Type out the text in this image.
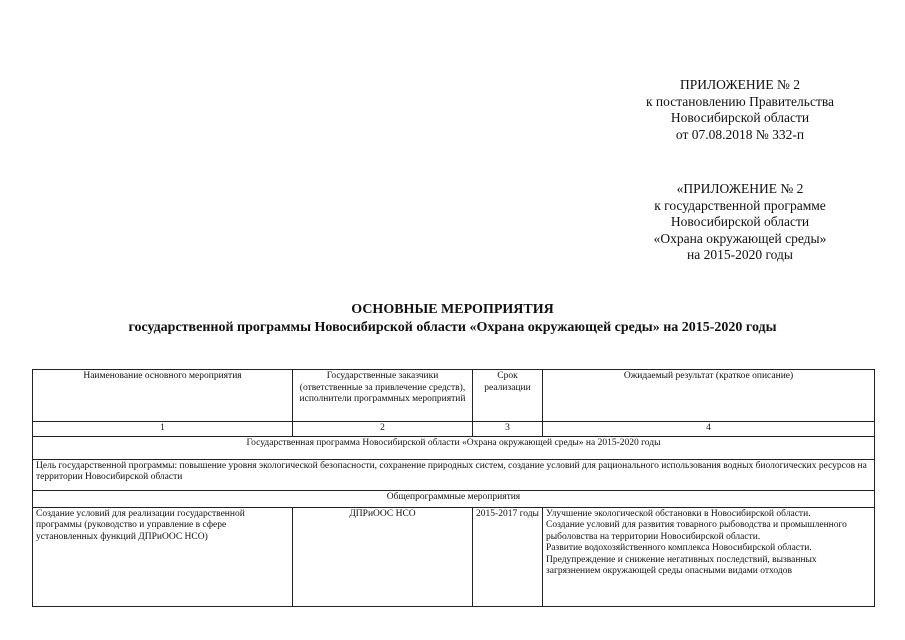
ПРИЛОЖЕНИЕ № 2
к постановлению Правительства
Новосибирской области
от 07.08.2018 № 332-п
«ПРИЛОЖЕНИЕ № 2
к государственной программе
Новосибирской области
«Охрана окружающей среды»
на 2015-2020 годы
ОСНОВНЫЕ МЕРОПРИЯТИЯ
государственной программы Новосибирской области «Охрана окружающей среды» на 2015-2020 годы
Наименование основного мероприятия	Государственные заказчики (ответственные за привлечение средств), исполнители программных мероприятий	Срок реализации	Ожидаемый результат (краткое описание)
1	2	3	4
Государственная программа Новосибирской области «Охрана окружающей среды» на 2015-2020 годы			
Цель государственной программы: повышение уровня экологической безопасности, сохранение природных систем, создание условий для рационального использования водных биологических ресурсов на территории Новосибирской области			
Общепрограммные мероприятия			
Создание условий для реализации государственной программы (руководство и управление в сфере установленных функций ДПРиООС НСО)	ДПРиООС НСО	2015-2017 годы	Улучшение экологической обстановки в Новосибирской области.

Создание условий для развития товарного рыбоводства и промышленного рыболовства на территории Новосибирской области.

Развитие водохозяйственного комплекса Новосибирской области.

Предупреждение и снижение негативных последствий, вызванных загрязнением окружающей среды опасными видами отходов
